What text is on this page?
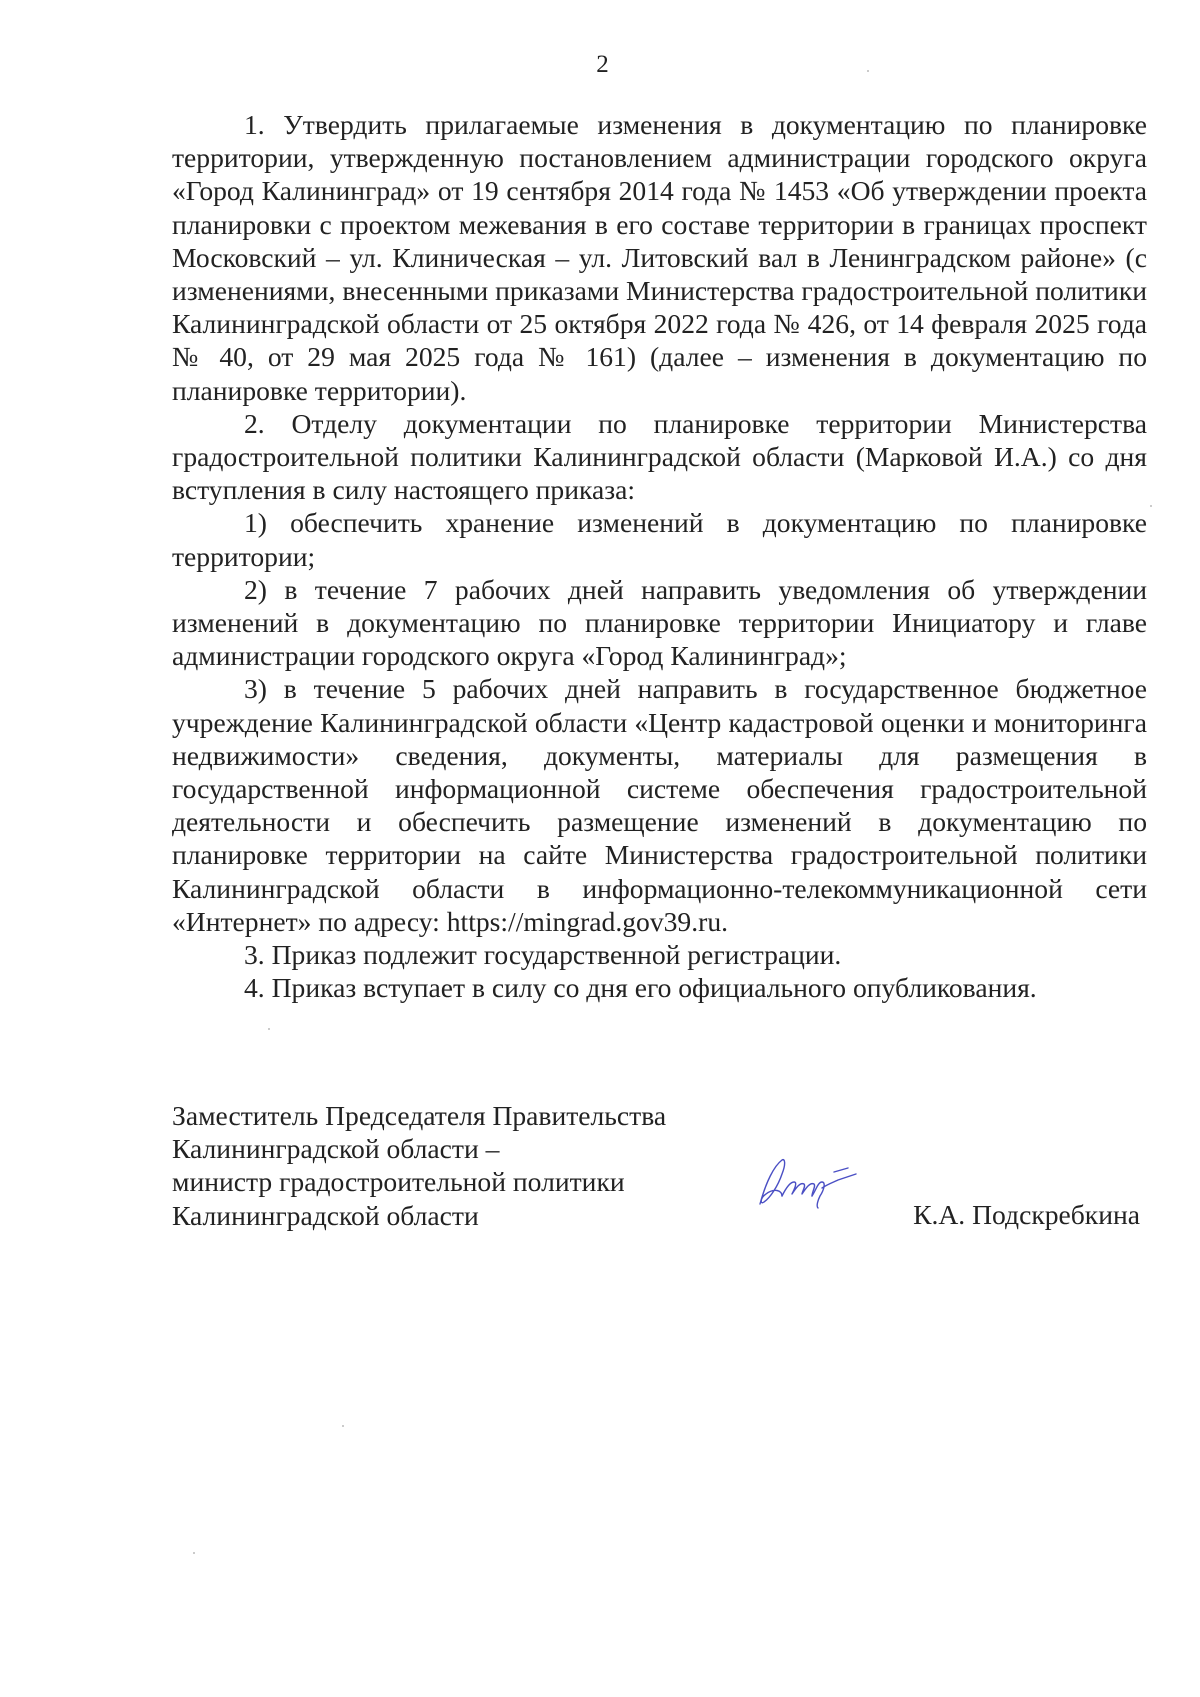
2

1. Утвердить прилагаемые изменения в документацию по планировке территории, утвержденную постановлением администрации городского округа «Город Калининград» от 19 сентября 2014 года № 1453 «Об утверждении проекта планировки с проектом межевания в его составе территории в границах проспект Московский – ул. Клиническая – ул. Литовский вал в Ленинградском районе» (с изменениями, внесенными приказами Министерства градостроительной политики Калининградской области от 25 октября 2022 года № 426, от 14 февраля 2025 года № 40, от 29 мая 2025 года № 161) (далее – изменения в документацию по планировке территории).

2. Отделу документации по планировке территории Министерства градостроительной политики Калининградской области (Марковой И.А.) со дня вступления в силу настоящего приказа:

1) обеспечить хранение изменений в документацию по планировке территории;

2) в течение 7 рабочих дней направить уведомления об утверждении изменений в документацию по планировке территории Инициатору и главе администрации городского округа «Город Калининград»;

3) в течение 5 рабочих дней направить в государственное бюджетное учреждение Калининградской области «Центр кадастровой оценки и мониторинга недвижимости» сведения, документы, материалы для размещения в государственной информационной системе обеспечения градостроительной деятельности и обеспечить размещение изменений в документацию по планировке территории на сайте Министерства градостроительной политики Калининградской области в информационно-телекоммуникационной сети «Интернет» по адресу: https://mingrad.gov39.ru.

3. Приказ подлежит государственной регистрации.

4. Приказ вступает в силу со дня его официального опубликования.

Заместитель Председателя Правительства
Калининградской области –
министр градостроительной политики
Калининградской области	К.А. Подскребкина
